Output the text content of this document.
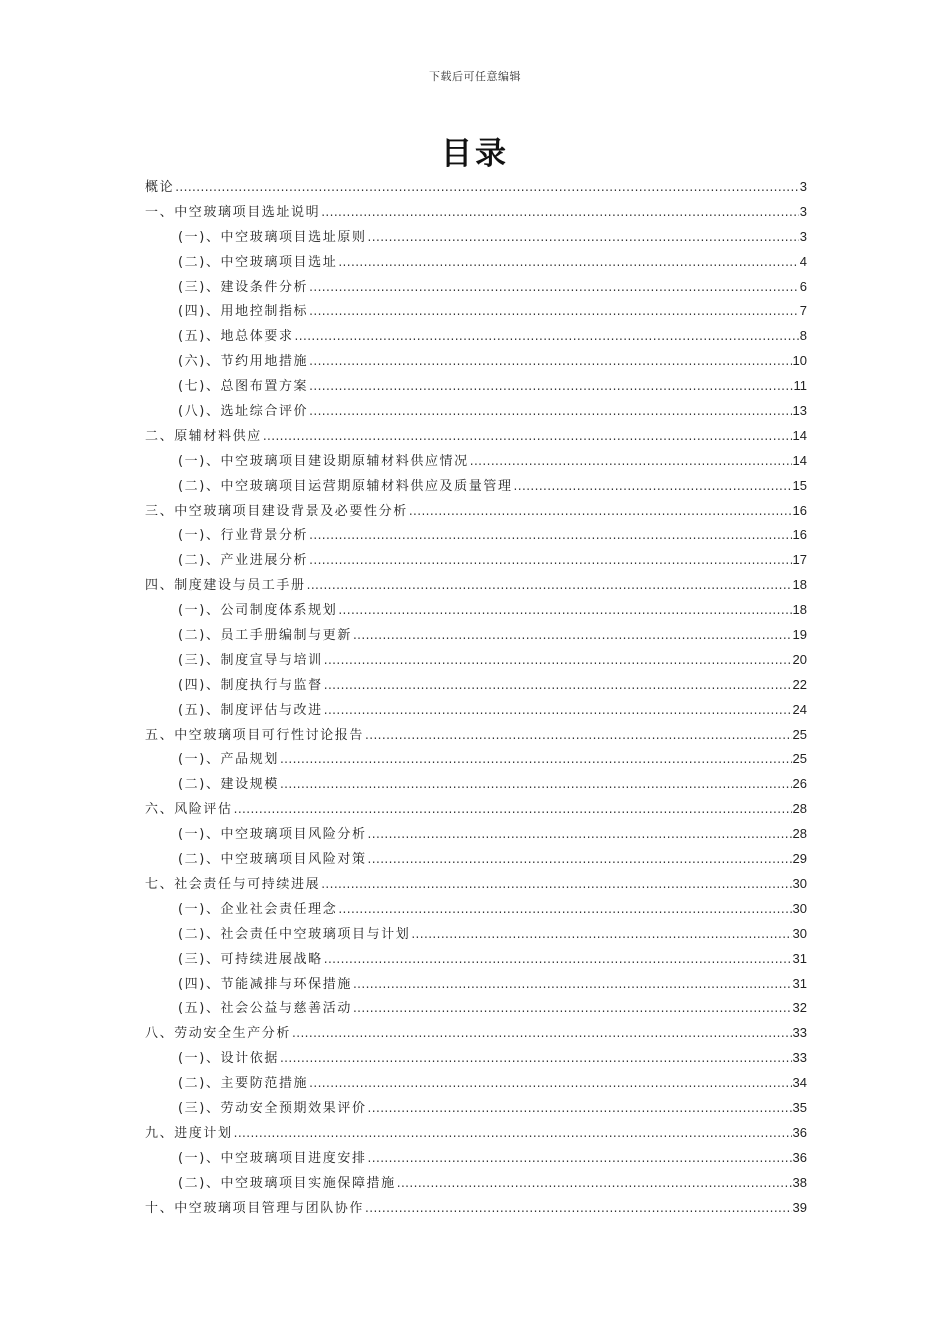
下载后可任意编辑
目录
概论 .....	3
一、中空玻璃项目选址说明 .....	3
(一)、中空玻璃项目选址原则 .....	3
(二)、中空玻璃项目选址 .....	4
(三)、建设条件分析 .....	6
(四)、用地控制指标 .....	7
(五)、地总体要求 .....	8
(六)、节约用地措施 .....	10
(七)、总图布置方案 .....	11
(八)、选址综合评价 .....	13
二、原辅材料供应 .....	14
(一)、中空玻璃项目建设期原辅材料供应情况 .....	14
(二)、中空玻璃项目运营期原辅材料供应及质量管理 .....	15
三、中空玻璃项目建设背景及必要性分析 .....	16
(一)、行业背景分析 .....	16
(二)、产业进展分析 .....	17
四、制度建设与员工手册 .....	18
(一)、公司制度体系规划 .....	18
(二)、员工手册编制与更新 .....	19
(三)、制度宣导与培训 .....	20
(四)、制度执行与监督 .....	22
(五)、制度评估与改进 .....	24
五、中空玻璃项目可行性讨论报告 .....	25
(一)、产品规划 .....	25
(二)、建设规模 .....	26
六、风险评估 .....	28
(一)、中空玻璃项目风险分析 .....	28
(二)、中空玻璃项目风险对策 .....	29
七、社会责任与可持续进展 .....	30
(一)、企业社会责任理念 .....	30
(二)、社会责任中空玻璃项目与计划 .....	30
(三)、可持续进展战略 .....	31
(四)、节能减排与环保措施 .....	31
(五)、社会公益与慈善活动 .....	32
八、劳动安全生产分析 .....	33
(一)、设计依据 .....	33
(二)、主要防范措施 .....	34
(三)、劳动安全预期效果评价 .....	35
九、进度计划 .....	36
(一)、中空玻璃项目进度安排 .....	36
(二)、中空玻璃项目实施保障措施 .....	38
十、中空玻璃项目管理与团队协作 .....	39
